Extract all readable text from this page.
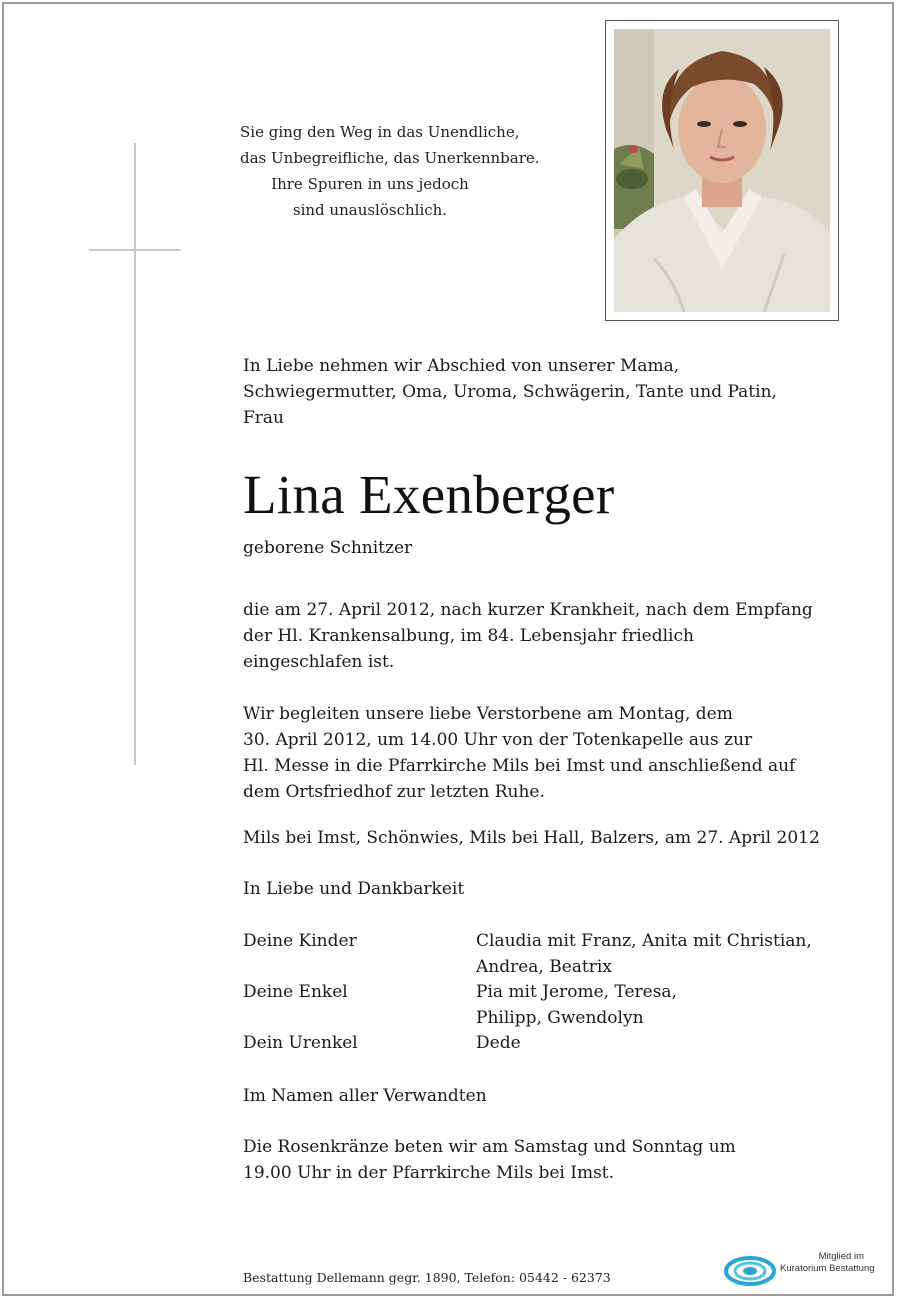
Sie ging den Weg in das Unendliche,
das Unbegreifliche, das Unerkennbare.
Ihre Spuren in uns jedoch
sind unauslöschlich.
In Liebe nehmen wir Abschied von unserer Mama,
Schwiegermutter, Oma, Uroma, Schwägerin, Tante und Patin,
Frau
geborene Schnitzer
die am 27. April 2012, nach kurzer Krankheit, nach dem Empfang
der Hl. Krankensalbung, im 84. Lebensjahr friedlich
eingeschlafen ist.
Wir begleiten unsere liebe Verstorbene am Montag, dem
30. April 2012, um 14.00 Uhr von der Totenkapelle aus zur
Hl. Messe in die Pfarrkirche Mils bei Imst und anschließend auf
dem Ortsfriedhof zur letzten Ruhe.
Mils bei Imst, Schönwies, Mils bei Hall, Balzers, am 27. April 2012
In Liebe und Dankbarkeit
Im Namen aller Verwandten
Die Rosenkränze beten wir am Samstag und Sonntag um
19.00 Uhr in der Pfarrkirche Mils bei Imst.
Lina Exenberger
Deine Kinder	Claudia mit Franz, Anita mit Christian,
Andrea, Beatrix
Deine Enkel	Pia mit Jerome, Teresa,
Philipp, Gwendolyn
Dein Urenkel	Dede
Bestattung Dellemann gegr. 1890, Telefon: 05442 - 62373
Mitglied im
Kuratorium Bestattung
